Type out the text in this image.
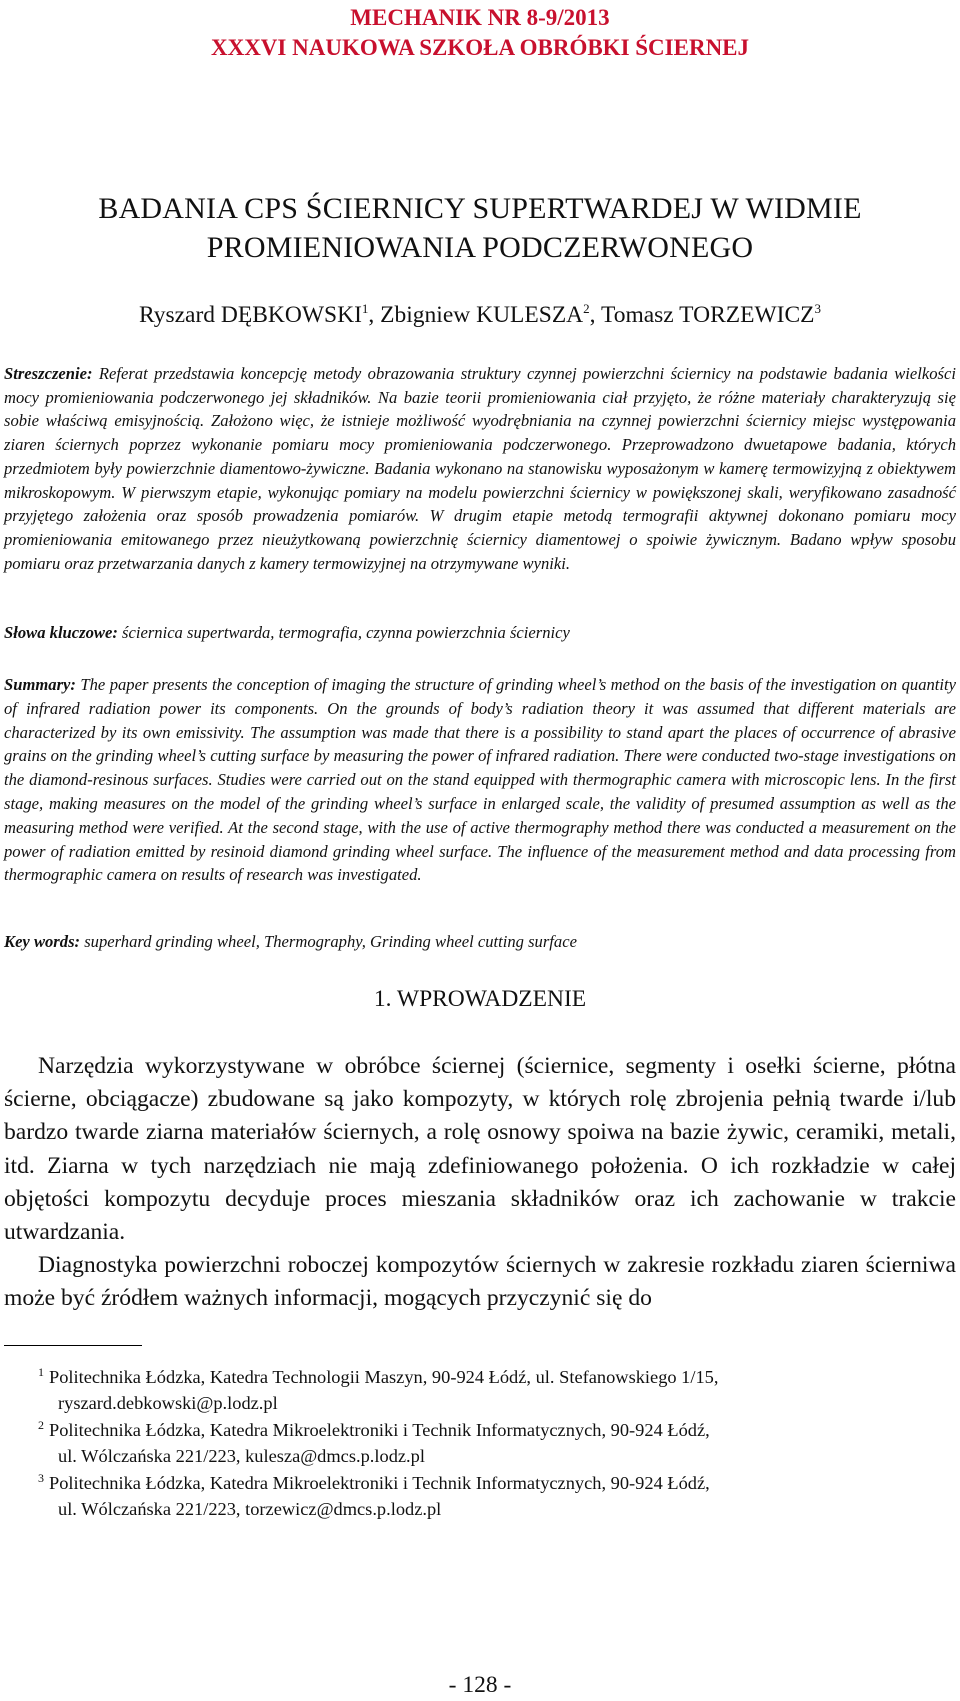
MECHANIK NR 8-9/2013
XXXVI NAUKOWA SZKOŁA OBRÓBKI ŚCIERNEJ
BADANIA CPS ŚCIERNICY SUPERTWARDEJ W WIDMIE
PROMIENIOWANIA PODCZERWONEGO
Ryszard DĘBKOWSKI$^1$, Zbigniew KULESZA$^2$, Tomasz TORZEWICZ$^3$
Streszczenie: Referat przedstawia koncepcję metody obrazowania struktury czynnej powierzchni ściernicy na podstawie badania wielkości mocy promieniowania podczerwonego jej składników. Na bazie teorii promieniowania ciał przyjęto, że różne materiały charakteryzują się sobie właściwą emisyjnością. Założono więc, że istnieje możliwość wyodrębniania na czynnej powierzchni ściernicy miejsc występowania ziaren ściernych poprzez wykonanie pomiaru mocy promieniowania podczerwonego. Przeprowadzono dwuetapowe badania, których przedmiotem były powierzchnie diamentowo-żywiczne. Badania wykonano na stanowisku wyposażonym w kamerę termowizyjną z obiektywem mikroskopowym. W pierwszym etapie, wykonując pomiary na modelu powierzchni ściernicy w powiększonej skali, weryfikowano zasadność przyjętego założenia oraz sposób prowadzenia pomiarów. W drugim etapie metodą termografii aktywnej dokonano pomiaru mocy promieniowania emitowanego przez nieużytkowaną powierzchnię ściernicy diamentowej o spoiwie żywicznym. Badano wpływ sposobu pomiaru oraz przetwarzania danych z kamery termowizyjnej na otrzymywane wyniki.
Słowa kluczowe: ściernica supertwarda, termografia, czynna powierzchnia ściernicy
Summary: The paper presents the conception of imaging the structure of grinding wheel’s method on the basis of the investigation on quantity of infrared radiation power its components. On the grounds of body’s radiation theory it was assumed that different materials are characterized by its own emissivity. The assumption was made that there is a possibility to stand apart the places of occurrence of abrasive grains on the grinding wheel’s cutting surface by measuring the power of infrared radiation. There were conducted two-stage investigations on the diamond-resinous surfaces. Studies were carried out on the stand equipped with thermographic camera with microscopic lens. In the first stage, making measures on the model of the grinding wheel’s surface in enlarged scale, the validity of presumed assumption as well as the measuring method were verified. At the second stage, with the use of active thermography method there was conducted a measurement on the power of radiation emitted by resinoid diamond grinding wheel surface. The influence of the measurement method and data processing from thermographic camera on results of research was investigated.
Key words: superhard grinding wheel, Thermography, Grinding wheel cutting surface
1. WPROWADZENIE

Narzędzia wykorzystywane w obróbce ściernej (ściernice, segmenty i osełki ścierne, płótna ścierne, obciągacze) zbudowane są jako kompozyty, w których rolę zbrojenia pełnią twarde i/lub bardzo twarde ziarna materiałów ściernych, a rolę osnowy spoiwa na bazie żywic, ceramiki, metali, itd. Ziarna w tych narzędziach nie mają zdefiniowanego położenia. O ich rozkładzie w całej objętości kompozytu decyduje proces mieszania składników oraz ich zachowanie w trakcie utwardzania.

Diagnostyka powierzchni roboczej kompozytów ściernych w zakresie rozkładu ziaren ścierniwa może być źródłem ważnych informacji, mogących przyczynić się do

$^1$ Politechnika Łódzka, Katedra Technologii Maszyn, 90-924 Łódź, ul. Stefanowskiego 1/15,
ryszard.debkowski@p.lodz.pl
$^2$ Politechnika Łódzka, Katedra Mikroelektroniki i Technik Informatycznych, 90-924 Łódź,
ul. Wólczańska 221/223, kulesza@dmcs.p.lodz.pl
$^3$ Politechnika Łódzka, Katedra Mikroelektroniki i Technik Informatycznych, 90-924 Łódź,
ul. Wólczańska 221/223, torzewicz@dmcs.p.lodz.pl
- 128 -
